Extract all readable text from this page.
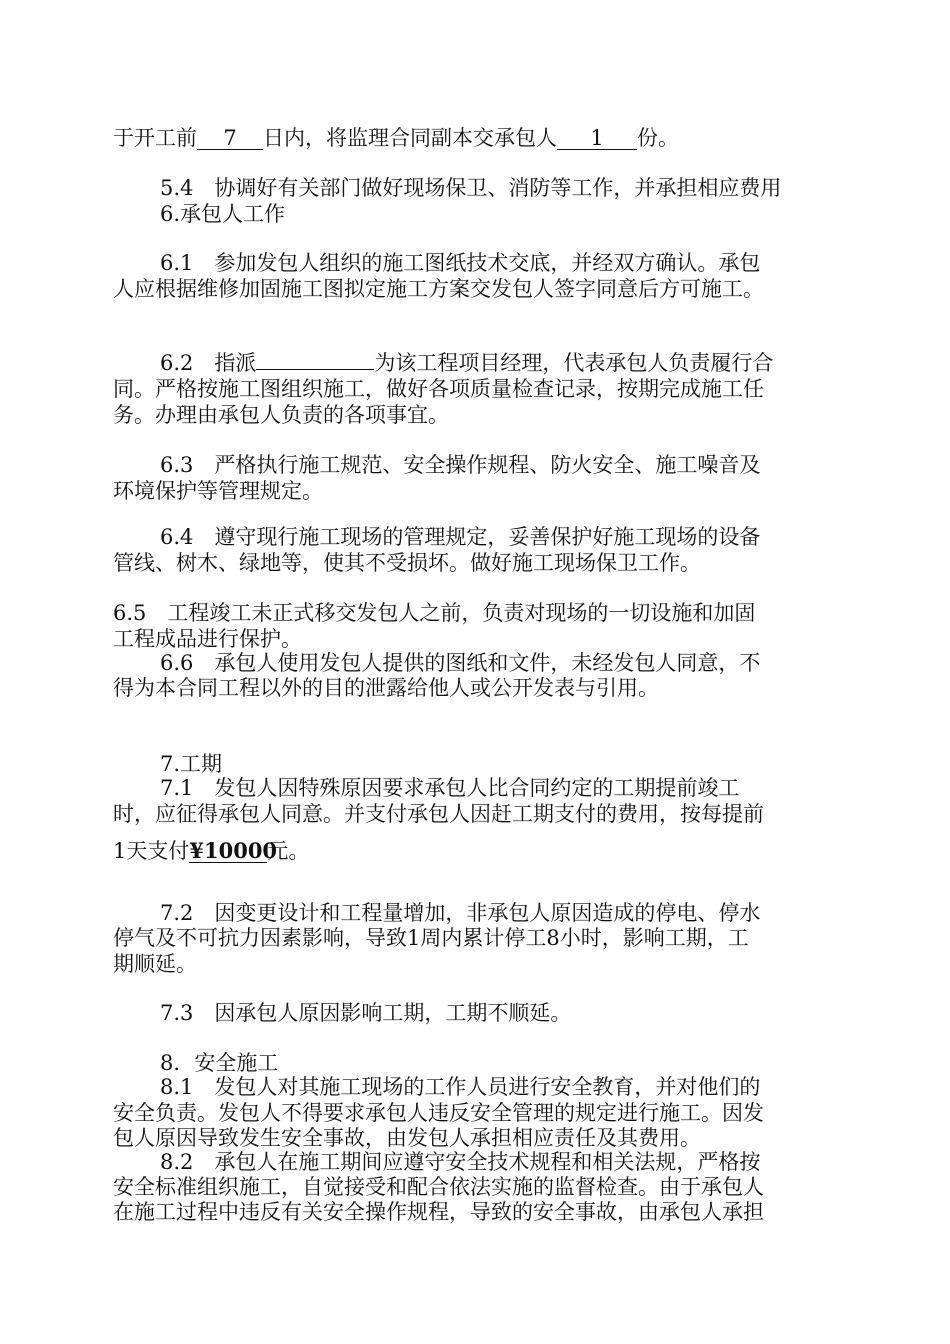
于开工前 7 日内，将监理合同副本交承包人 1 份。
5.4　协调好有关部门做好现场保卫、消防等工作，并承担相应费用
6.承包人工作
6.1　参加发包人组织的施工图纸技术交底，并经双方确认。承包
人应根据维修加固施工图拟定施工方案交发包人签字同意后方可施工。
6.2　指派	为该工程项目经理，代表承包人负责履行合
同。严格按施工图组织施工，做好各项质量检查记录，按期完成施工任
务。办理由承包人负责的各项事宜。
6.3　严格执行施工规范、安全操作规程、防火安全、施工噪音及
环境保护等管理规定。
6.4　遵守现行施工现场的管理规定，妥善保护好施工现场的设备
管线、树木、绿地等，使其不受损坏。做好施工现场保卫工作。
6.5　工程竣工未正式移交发包人之前，负责对现场的一切设施和加固
工程成品进行保护。
6.6　承包人使用发包人提供的图纸和文件，未经发包人同意，不
得为本合同工程以外的目的泄露给他人或公开发表与引用。
7.工期
7.1　发包人因特殊原因要求承包人比合同约定的工期提前竣工
时，应征得承包人同意。并支付承包人因赶工期支付的费用，按每提前
1天支付¥10000元。
7.2　因变更设计和工程量增加，非承包人原因造成的停电、停水
停气及不可抗力因素影响，导致1周内累计停工8小时，影响工期，工
期顺延。
7.3　因承包人原因影响工期，工期不顺延。
8．安全施工
8.1　发包人对其施工现场的工作人员进行安全教育，并对他们的
安全负责。发包人不得要求承包人违反安全管理的规定进行施工。因发
包人原因导致发生安全事故，由发包人承担相应责任及其费用。
8.2　承包人在施工期间应遵守安全技术规程和相关法规，严格按
安全标准组织施工，自觉接受和配合依法实施的监督检查。由于承包人
在施工过程中违反有关安全操作规程，导致的安全事故，由承包人承担
